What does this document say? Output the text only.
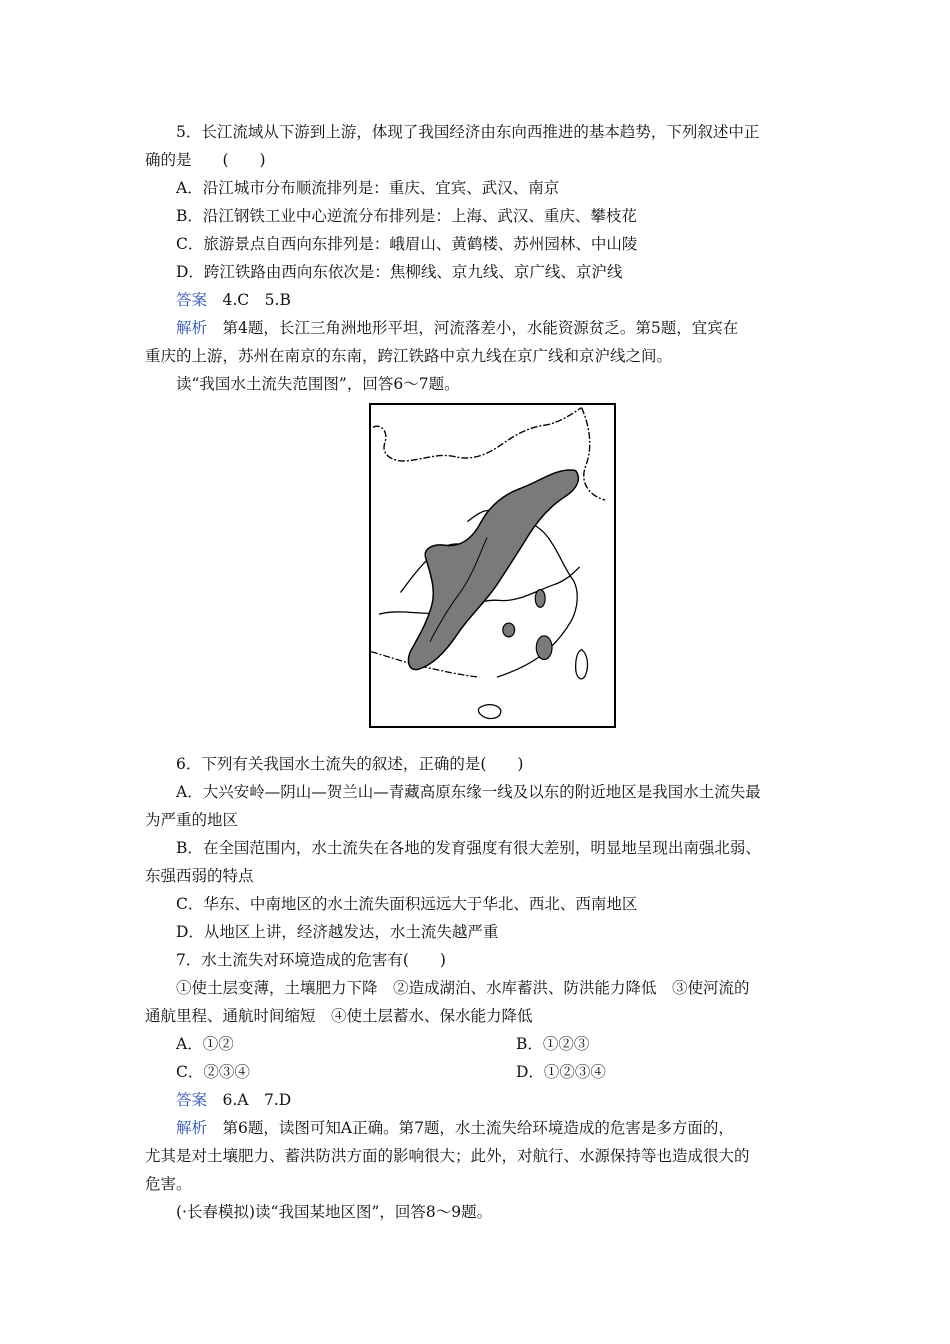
5．长江流域从下游到上游，体现了我国经济由东向西推进的基本趋势，下列叙述中正

确的是　　(　　)

A．沿江城市分布顺流排列是：重庆、宜宾、武汉、南京

B．沿江钢铁工业中心逆流分布排列是：上海、武汉、重庆、攀枝花

C．旅游景点自西向东排列是：峨眉山、黄鹤楼、苏州园林、中山陵

D．跨江铁路由西向东依次是：焦柳线、京九线、京广线、京沪线

答案　4.C　5.B

解析　第4题，长江三角洲地形平坦，河流落差小，水能资源贫乏。第5题，宜宾在

重庆的上游，苏州在南京的东南，跨江铁路中京九线在京广线和京沪线之间。

读“我国水土流失范围图”，回答6～7题。

6．下列有关我国水土流失的叙述，正确的是(　　)

A．大兴安岭—阴山—贺兰山—青藏高原东缘一线及以东的附近地区是我国水土流失最

为严重的地区

B．在全国范围内，水土流失在各地的发育强度有很大差别，明显地呈现出南强北弱、

东强西弱的特点

C．华东、中南地区的水土流失面积远远大于华北、西北、西南地区

D．从地区上讲，经济越发达，水土流失越严重

7．水土流失对环境造成的危害有(　　)

①使土层变薄，土壤肥力下降　②造成湖泊、水库蓄洪、防洪能力降低　③使河流的

通航里程、通航时间缩短　④使土层蓄水、保水能力降低

A．①②	B．①②③
C．②③④	D．①②③④

答案　6.A　7.D

解析　第6题，读图可知A正确。第7题，水土流失给环境造成的危害是多方面的，

尤其是对土壤肥力、蓄洪防洪方面的影响很大；此外，对航行、水源保持等也造成很大的

危害。

(·长春模拟)读“我国某地区图”，回答8～9题。
